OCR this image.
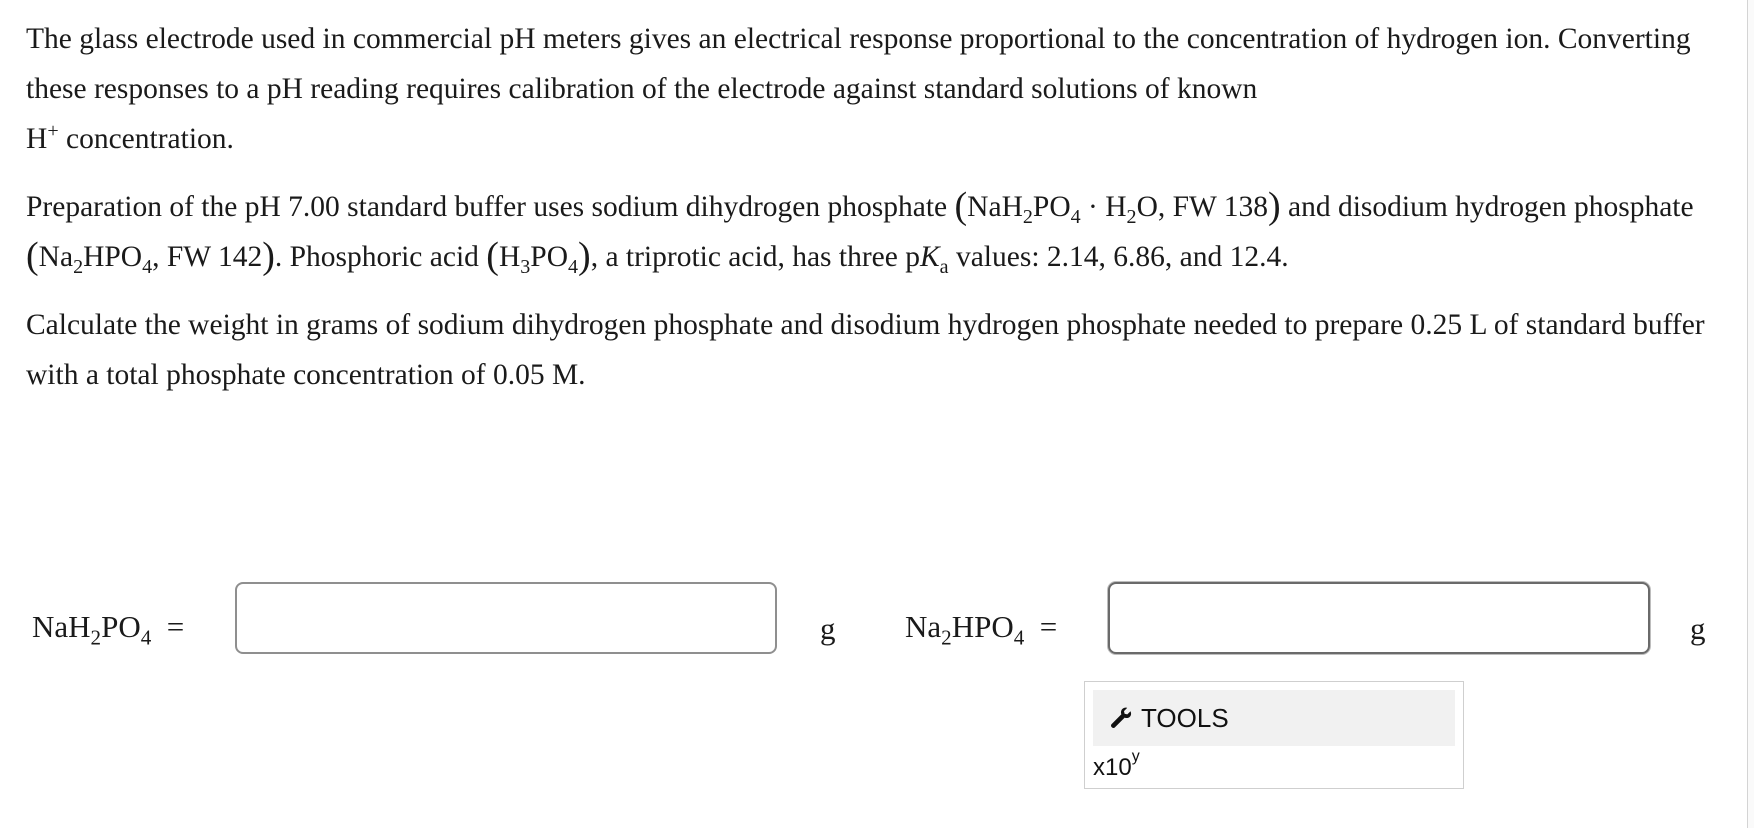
The glass electrode used in commercial pH meters gives an electrical response proportional to the concentration of hydrogen ion. Converting these responses to a pH reading requires calibration of the electrode against standard solutions of known
H+ concentration.

Preparation of the pH 7.00 standard buffer uses sodium dihydrogen phosphate ($NaH_2PO_4 \cdot H_2O$, FW 138) and disodium hydrogen phosphate ($Na_2HPO_4$, FW 142). Phosphoric acid $(H_3PO_4)$, a triprotic acid, has three $pK_a$ values: 2.14, 6.86, and 12.4.

Calculate the weight in grams of sodium dihydrogen phosphate and disodium hydrogen phosphate needed to prepare 0.25 L of standard buffer with a total phosphate concentration of 0.05 M.

$NaH_2PO_4$ =	g $Na_2HPO_4$ =	g
TOOLS
x10$^y$
